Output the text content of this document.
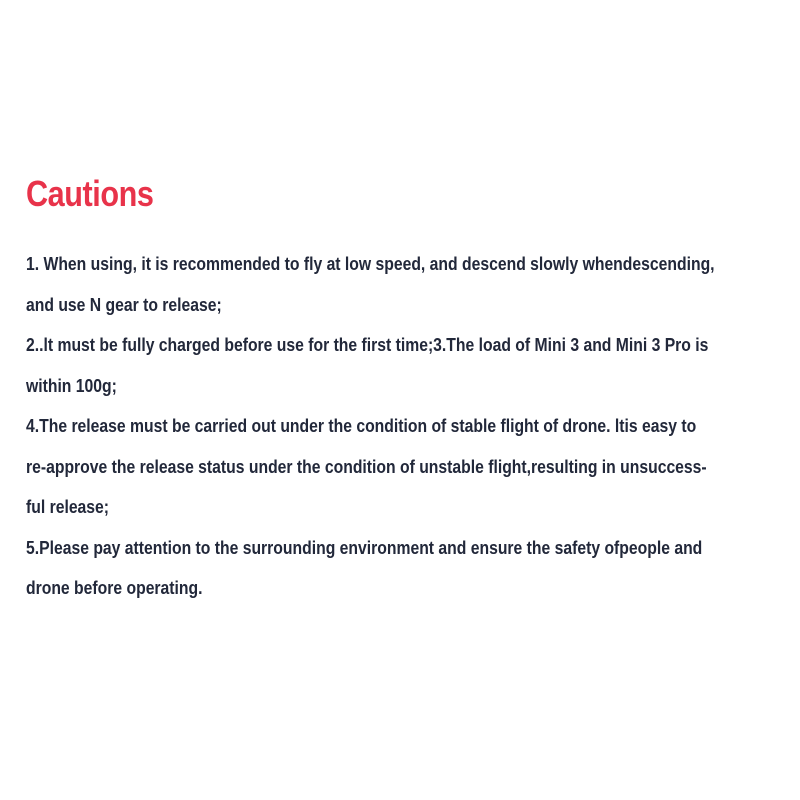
Cautions
1. When using, it is recommended to fly at low speed, and descend slowly whendescending,
and use N gear to release;
2..lt must be fully charged before use for the first time;3.The load of Mini 3 and Mini 3 Pro is
within 100g;
4.The release must be carried out under the condition of stable flight of drone. ltis easy to
re-approve the release status under the condition of unstable flight,resulting in unsuccess-
ful release;
5.Please pay attention to the surrounding environment and ensure the safety ofpeople and
drone before operating.
